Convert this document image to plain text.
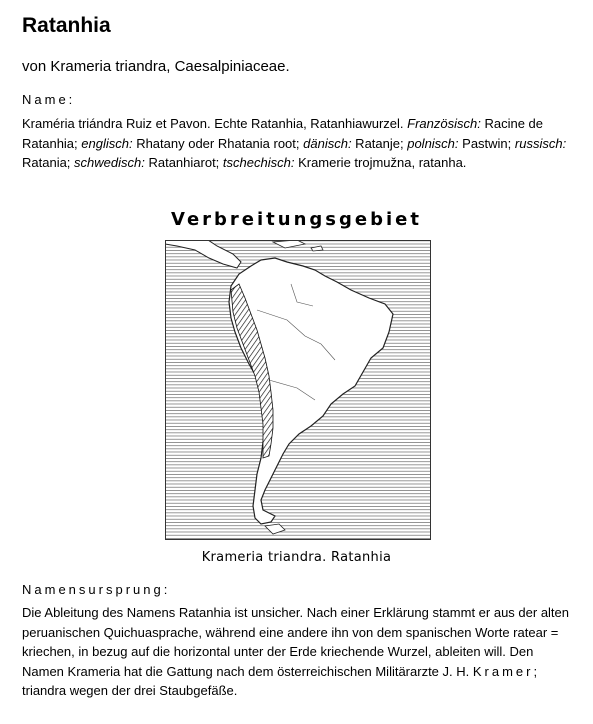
Ratanhia
von Krameria triandra, Caesalpiniaceae.
Name:
Kraméria triándra Ruiz et Pavon. Echte Ratanhia, Ratanhiawurzel. Französisch: Racine de Ratanhia; englisch: Rhatany oder Rhatania root; dänisch: Ratanje; polnisch: Pastwin; russisch: Ratania; schwedisch: Ratanhiarot; tschechisch: Kramerie trojmužna, ratanha.
Verbreitungsgebiet
Krameria triandra. Ratanhia
Namensursprung:
Die Ableitung des Namens Ratanhia ist unsicher. Nach einer Erklärung stammt er aus der alten peruanischen Quichuasprache, während eine andere ihn von dem spanischen Worte ratear = kriechen, in bezug auf die horizontal unter der Erde kriechende Wurzel, ableiten will. Den Namen Krameria hat die Gattung nach dem österreichischen Militärarzte J. H. Kramer; triandra wegen der drei Staubgefäße.
